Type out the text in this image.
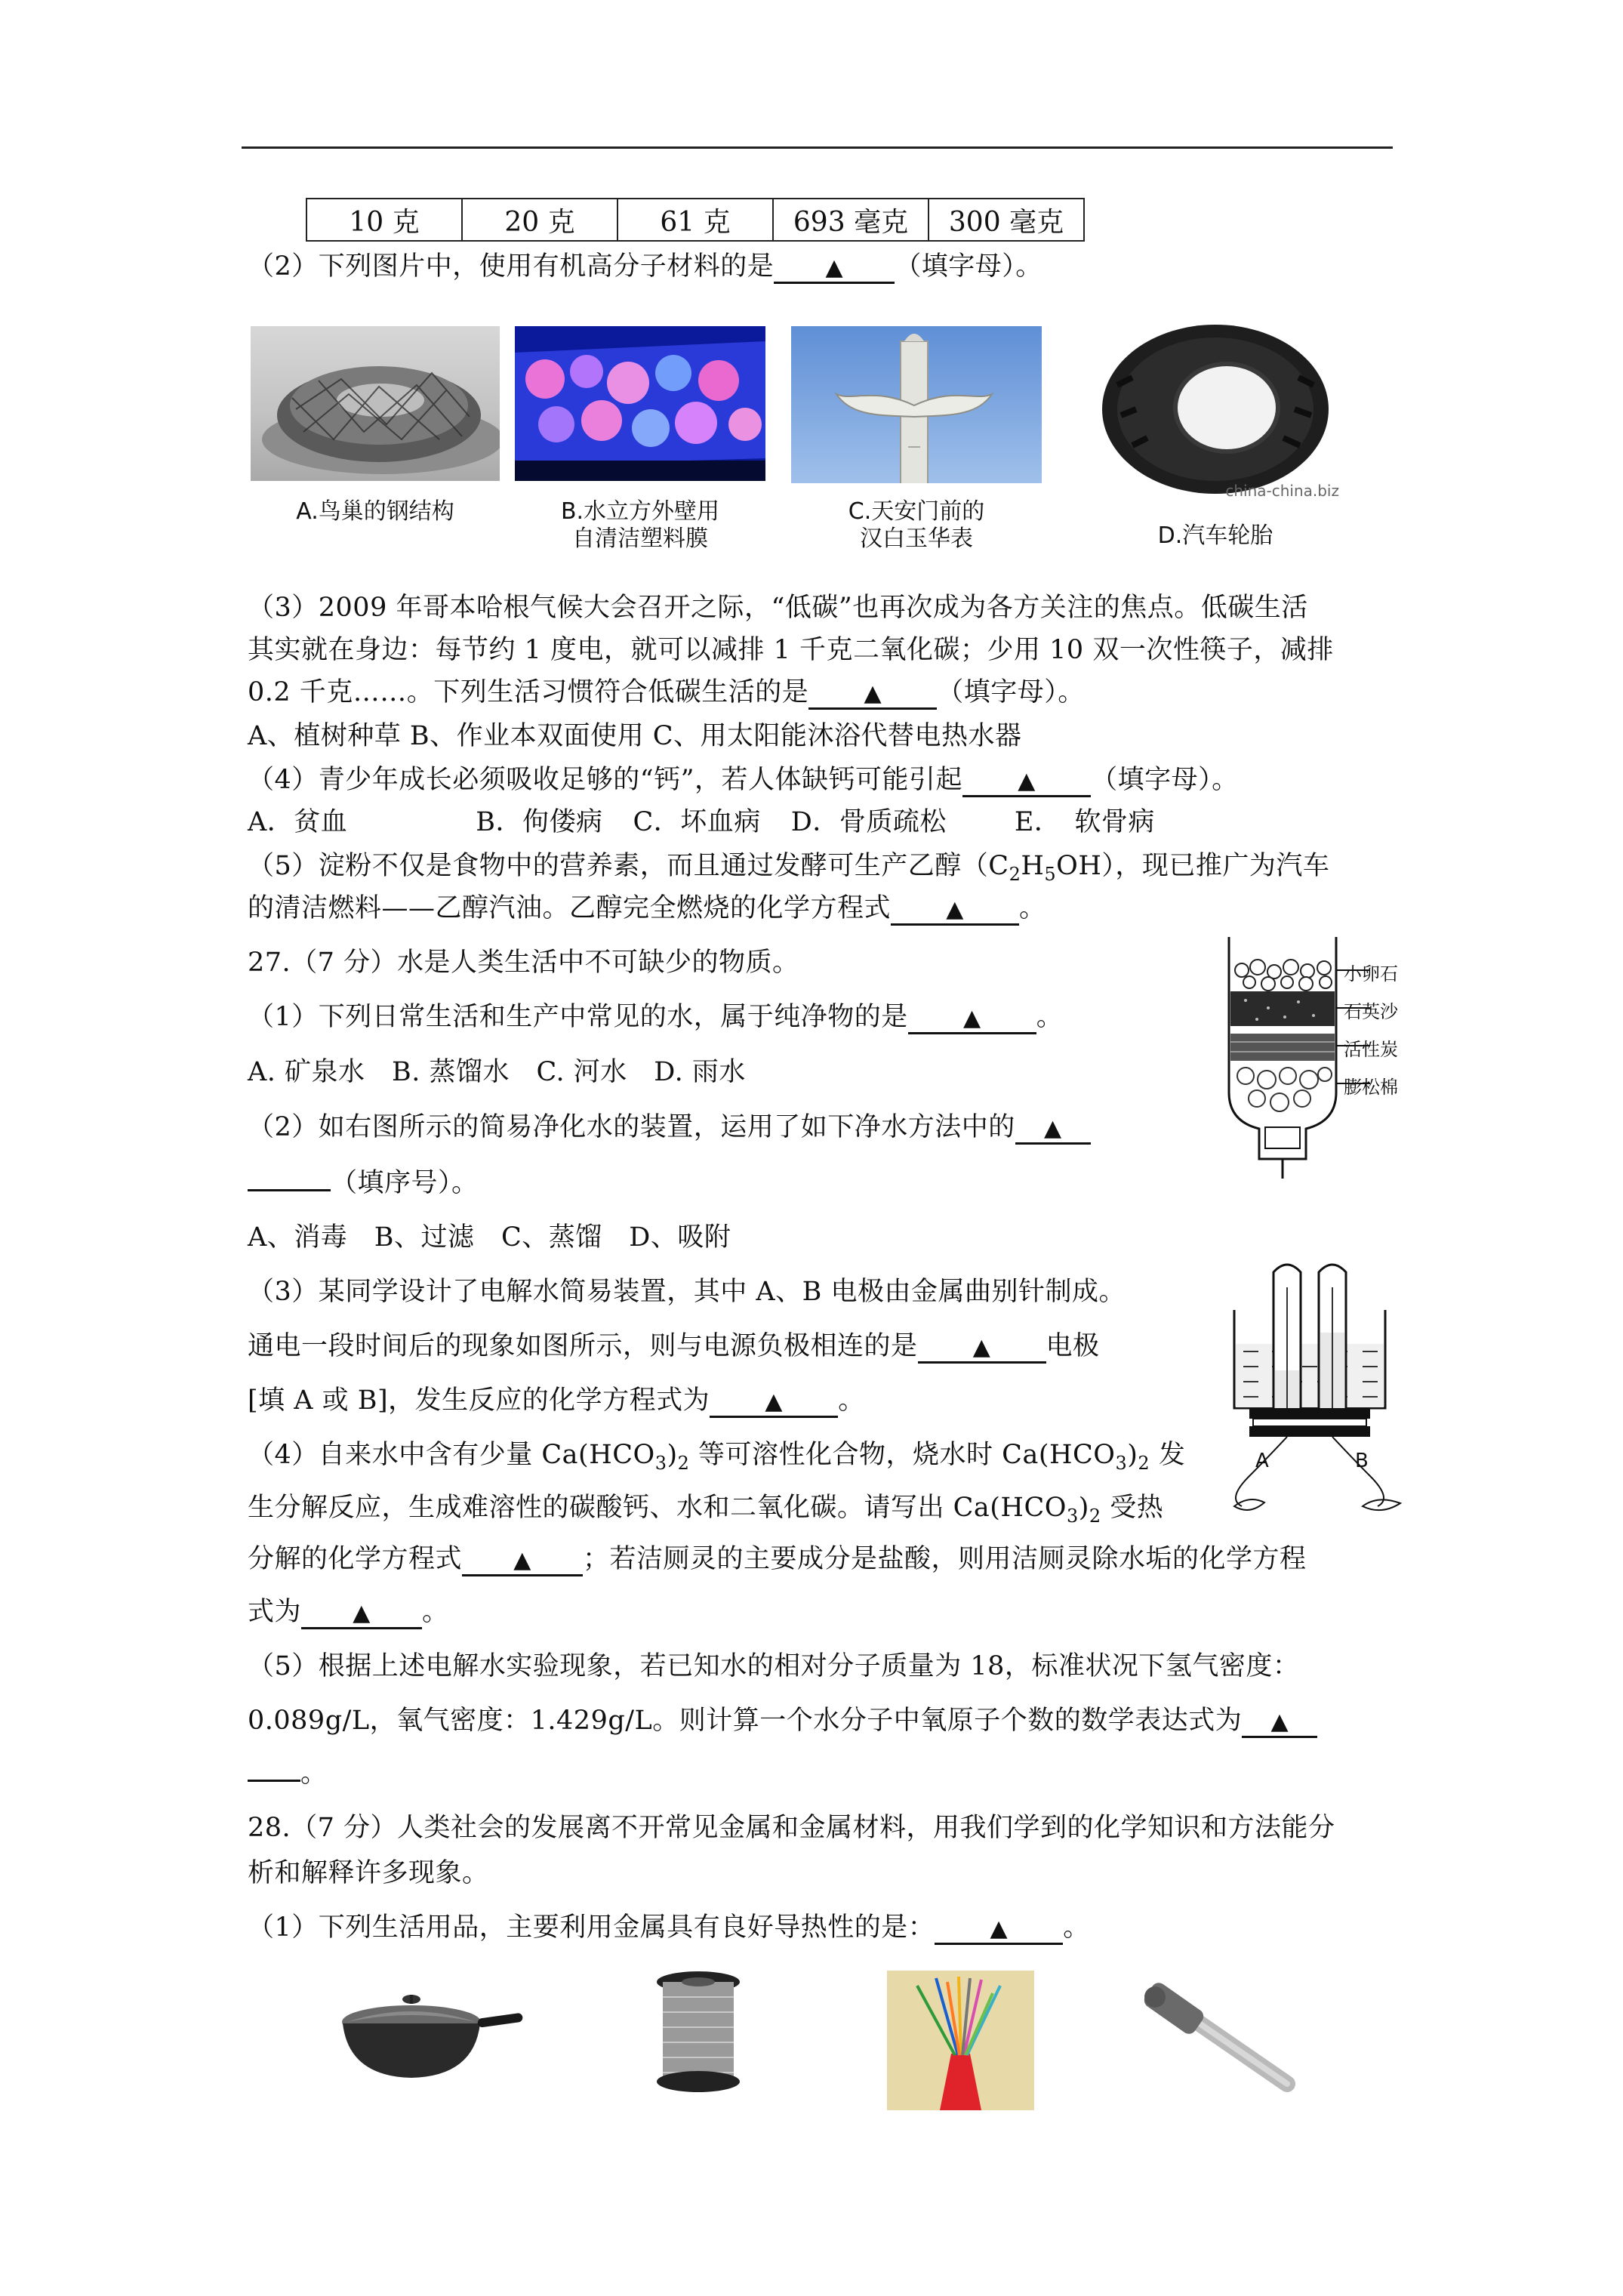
10 克	20 克	61 克	693 毫克	300 毫克
（2）下列图片中，使用有机高分子材料的是 ▲ （填字母）。
A.鸟巢的钢结构	B.水立方外壁用
自清洁塑料膜
C.天安门前的
汉白玉华表
china-china.biz
D.汽车轮胎
（3）2009 年哥本哈根气候大会召开之际，“低碳”也再次成为各方关注的焦点。低碳生活
其实就在身边：每节约 1 度电，就可以减排 1 千克二氧化碳；少用 10 双一次性筷子，减排
0.2 千克……。下列生活习惯符合低碳生活的是 ▲ （填字母）。
A、植树种草 B、作业本双面使用 C、用太阳能沐浴代替电热水器
（4）青少年成长必须吸收足够的“钙”，若人体缺钙可能引起 ▲ （填字母）。
A．贫血	B．佝偻病 C．坏血病 D．骨质疏松	E．　软骨病
（5）淀粉不仅是食物中的营养素，而且通过发酵可生产乙醇$(C_2H_5OH)$，现已推广为汽车
的清洁燃料——乙醇汽油。乙醇完全燃烧的化学方程式 ▲ 。
27.（7 分）水是人类生活中不可缺少的物质。
（1）下列日常生活和生产中常见的水，属于纯净物的是 ▲ 。
A. 矿泉水　B. 蒸馏水　C. 河水　D. 雨水
（2）如右图所示的简易净化水的装置，运用了如下净水方法中的 ▲
（填序号）。
A、消毒　B、过滤　C、蒸馏　D、吸附
小卵石
石英沙
活性炭
膨松棉
（3）某同学设计了电解水简易装置，其中 A、B 电极由金属曲别针制成。
通电一段时间后的现象如图所示，则与电源负极相连的是 ▲ 电极
[填 A 或 B]，发生反应的化学方程式为 ▲ 。
A	B
（4）自来水中含有少量 $Ca(HCO_3)_2$ 等可溶性化合物，烧水时 $Ca(HCO_3)_2$ 发
生分解反应，生成难溶性的碳酸钙、水和二氧化碳。请写出 $Ca(HCO_3)_2$ 受热
分解的化学方程式 ▲ ；若洁厕灵的主要成分是盐酸，则用洁厕灵除水垢的化学方程
式为 ▲ 。
（5）根据上述电解水实验现象，若已知水的相对分子质量为 18，标准状况下氢气密度：
0.089g/L，氧气密度：1.429g/L。则计算一个水分子中氧原子个数的数学表达式为 ▲
。
28.（7 分）人类社会的发展离不开常见金属和金属材料，用我们学到的化学知识和方法能分
析和解释许多现象。
（1）下列生活用品，主要利用金属具有良好导热性的是： ▲ 。
